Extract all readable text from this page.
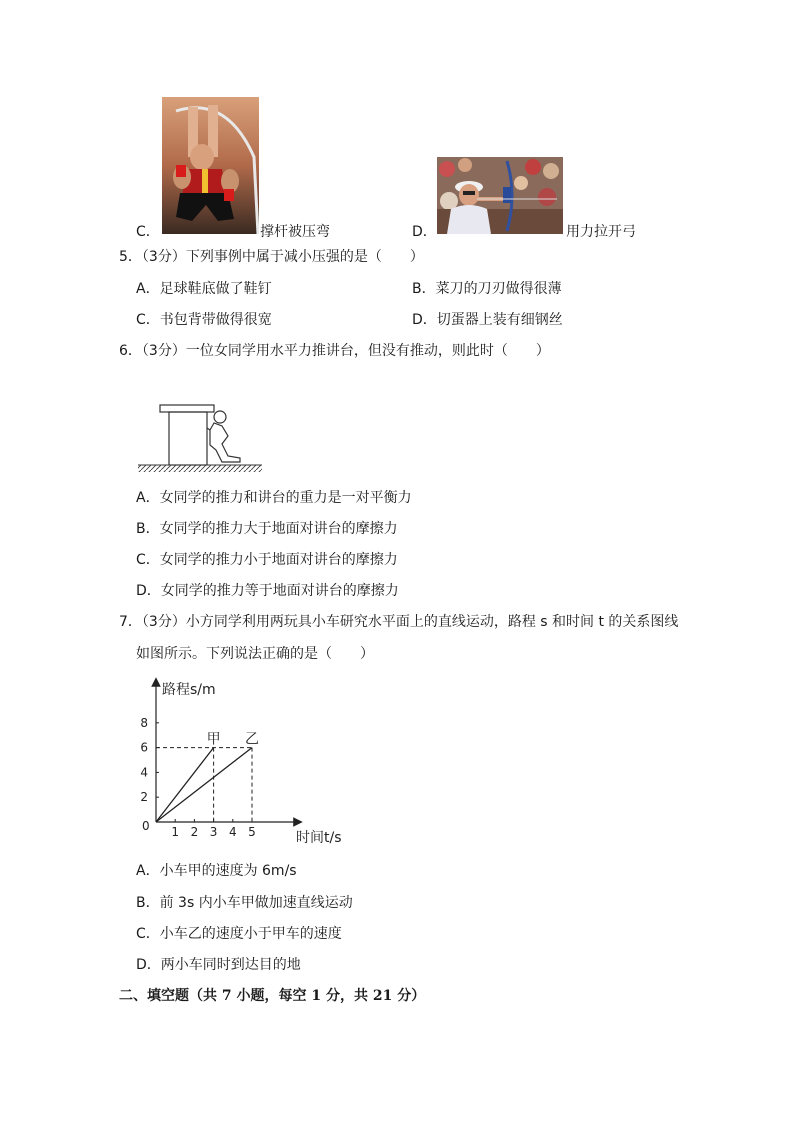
C．	撑杆被压弯	D．	用力拉开弓
5．（3分）下列事例中属于减小压强的是（　　）
A．足球鞋底做了鞋钉	B．菜刀的刀刃做得很薄
C．书包背带做得很宽	D．切蛋器上装有细钢丝
6．（3分）一位女同学用水平力推讲台，但没有推动，则此时（　　）
A．女同学的推力和讲台的重力是一对平衡力
B．女同学的推力大于地面对讲台的摩擦力
C．女同学的推力小于地面对讲台的摩擦力
D．女同学的推力等于地面对讲台的摩擦力
7．（3分）小方同学利用两玩具小车研究水平面上的直线运动，路程 s 和时间 t 的关系图线
如图所示。下列说法正确的是（　　）
路程s/m
时间t/s
0 1 2 3 4 5
2
4
6
8
甲 乙
A．小车甲的速度为 6m/s
B．前 3s 内小车甲做加速直线运动
C．小车乙的速度小于甲车的速度
D．两小车同时到达目的地
二、填空题（共 7 小题，每空 1 分，共 21 分）
